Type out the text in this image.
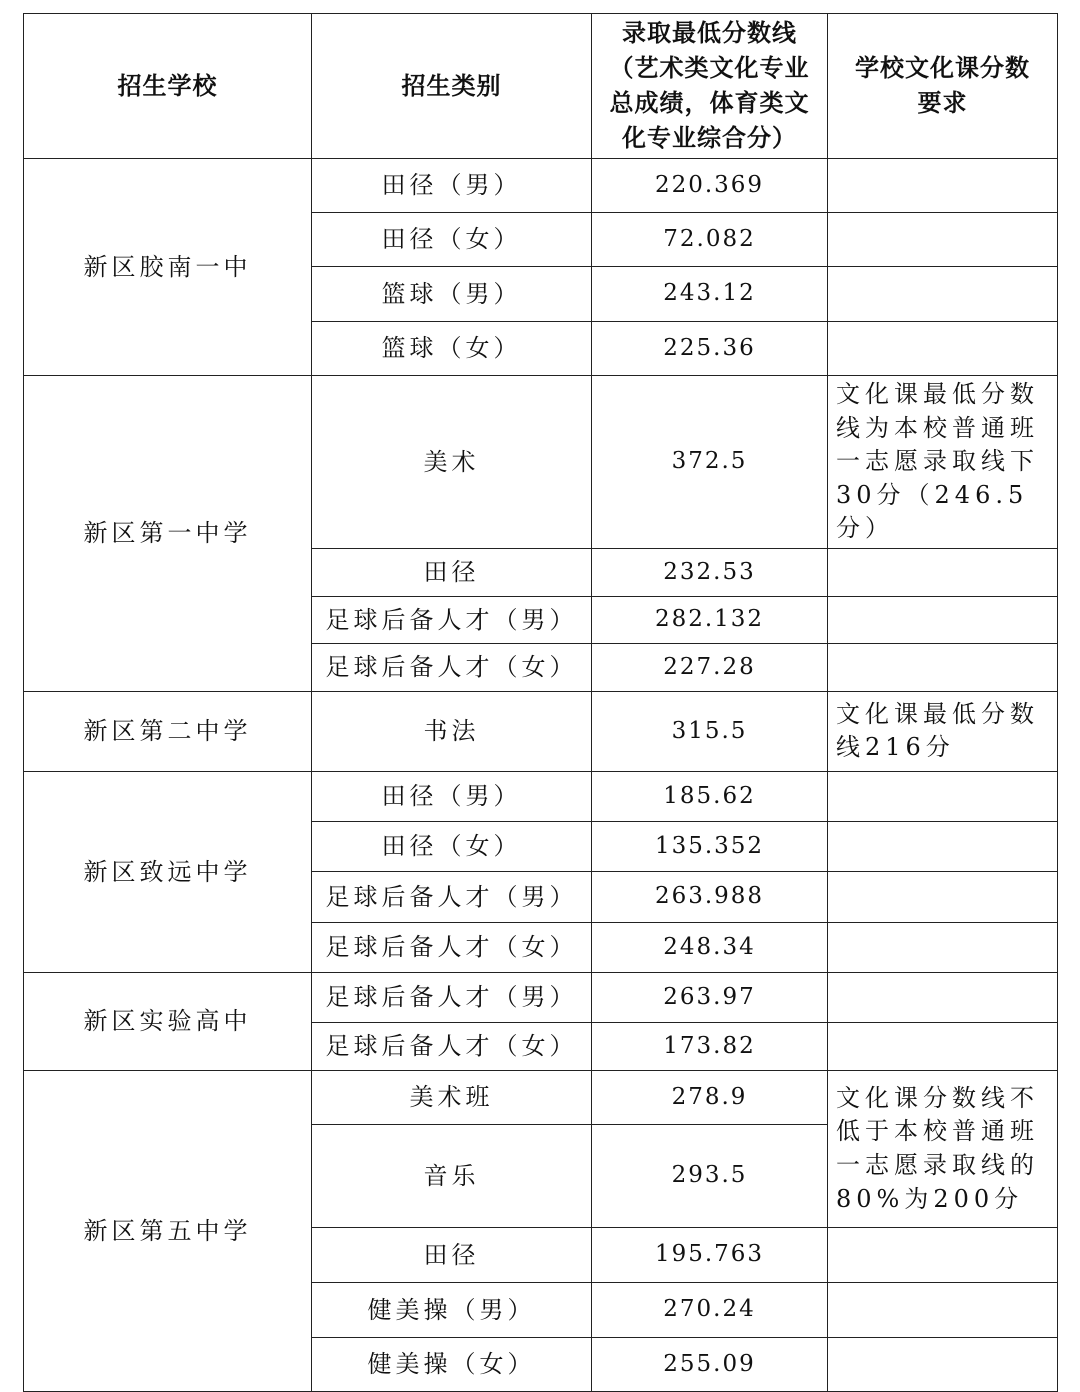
招生学校	招生类别	录取最低分数线（艺术类文化专业总成绩，体育类文化专业综合分）	学校文化课分数要求
新区胶南一中	田径（男）	220.369	
	田径（女）	72.082	
	篮球（男）	243.12	
	篮球（女）	225.36	
新区第一中学	美术	372.5	文化课最低分数线为本校普通班一志愿录取线下30分（246.5分）
	田径	232.53	
	足球后备人才（男）	282.132	
	足球后备人才（女）	227.28	
新区第二中学	书法	315.5	文化课最低分数线216分
新区致远中学	田径（男）	185.62	
	田径（女）	135.352	
	足球后备人才（男）	263.988	
	足球后备人才（女）	248.34	
新区实验高中	足球后备人才（男）	263.97	
	足球后备人才（女）	173.82	
新区第五中学	美术班	278.9	文化课分数线不低于本校普通班一志愿录取线的80%为200分
	音乐	293.5	
	田径	195.763	
	健美操（男）	270.24	
	健美操（女）	255.09	
